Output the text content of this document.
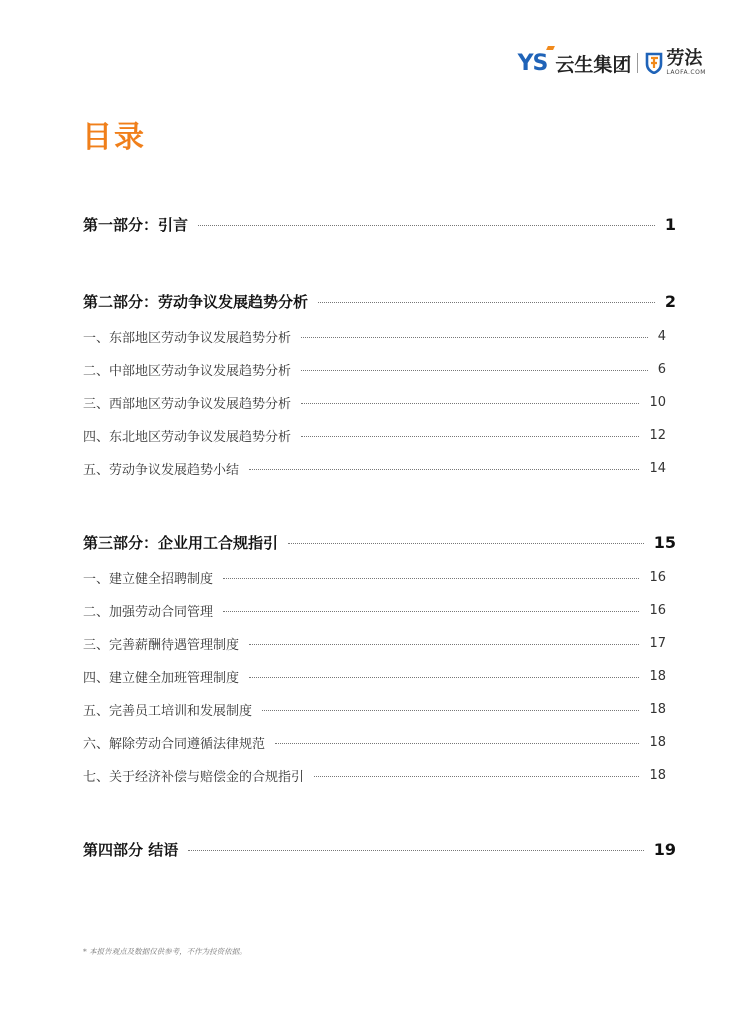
YS 云生集团 劳法
LAOFA.COM
目录
第一部分：引言	1
第二部分：劳动争议发展趋势分析	2
一、东部地区劳动争议发展趋势分析	4
二、中部地区劳动争议发展趋势分析	6
三、西部地区劳动争议发展趋势分析	10
四、东北地区劳动争议发展趋势分析	12
五、劳动争议发展趋势小结	14
第三部分：企业用工合规指引	15
一、建立健全招聘制度	16
二、加强劳动合同管理	16
三、完善薪酬待遇管理制度	17
四、建立健全加班管理制度	18
五、完善员工培训和发展制度	18
六、解除劳动合同遵循法律规范	18
七、关于经济补偿与赔偿金的合规指引	18
第四部分 结语	19
* 本报告观点及数据仅供参考，不作为投资依据。
